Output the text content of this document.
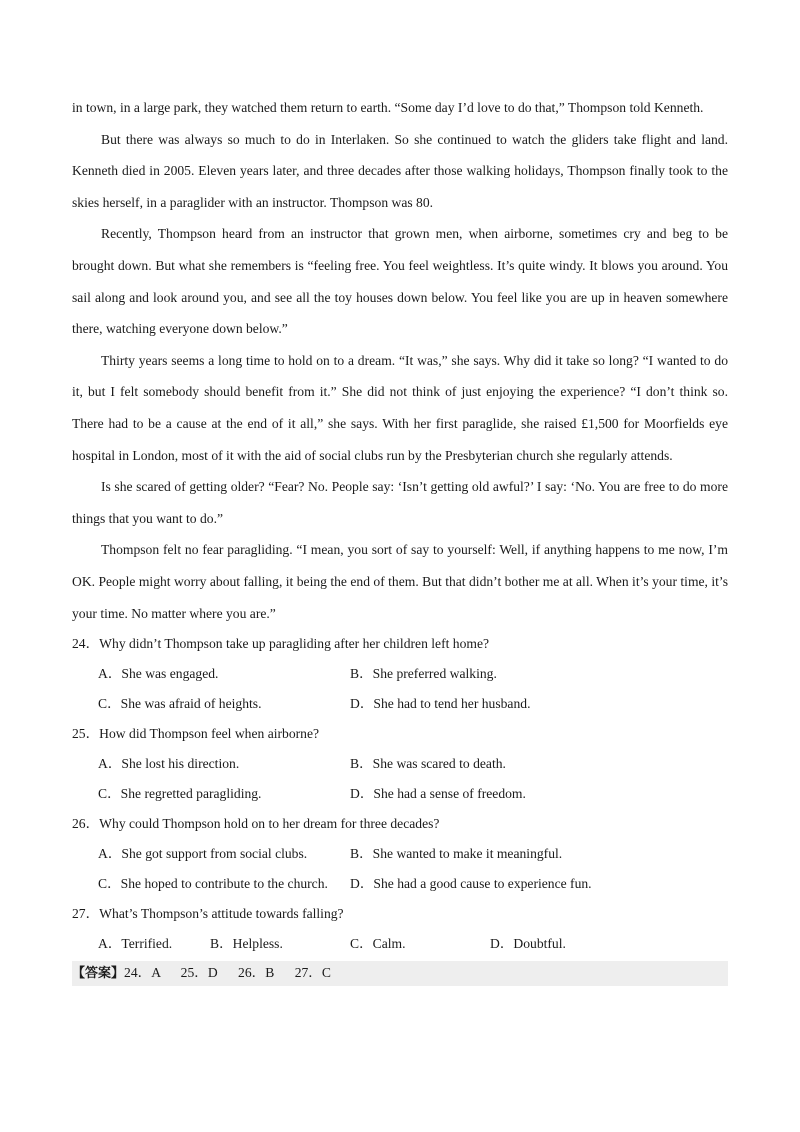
in town, in a large park, they watched them return to earth. “Some day I’d love to do that,” Thompson told Kenneth.

But there was always so much to do in Interlaken. So she continued to watch the gliders take flight and land. Kenneth died in 2005. Eleven years later, and three decades after those walking holidays, Thompson finally took to the skies herself, in a paraglider with an instructor. Thompson was 80.

Recently, Thompson heard from an instructor that grown men, when airborne, sometimes cry and beg to be brought down. But what she remembers is “feeling free. You feel weightless. It’s quite windy. It blows you around. You sail along and look around you, and see all the toy houses down below. You feel like you are up in heaven somewhere there, watching everyone down below.”

Thirty years seems a long time to hold on to a dream. “It was,” she says. Why did it take so long? “I wanted to do it, but I felt somebody should benefit from it.” She did not think of just enjoying the experience? “I don’t think so. There had to be a cause at the end of it all,” she says. With her first paraglide, she raised £1,500 for Moorfields eye hospital in London, most of it with the aid of social clubs run by the Presbyterian church she regularly attends.

Is she scared of getting older? “Fear? No. People say: ‘Isn’t getting old awful?’ I say: ‘No. You are free to do more things that you want to do.”

Thompson felt no fear paragliding. “I mean, you sort of say to yourself: Well, if anything happens to me now, I’m OK. People might worry about falling, it being the end of them. But that didn’t bother me at all. When it’s your time, it’s your time. No matter where you are.”

24．Why didn’t Thompson take up paragliding after her children left home?

A．She was engaged.	B．She preferred walking.
C．She was afraid of heights.	D．She had to tend her husband.

25．How did Thompson feel when airborne?

A．She lost his direction.	B．She was scared to death.
C．She regretted paragliding.	D．She had a sense of freedom.

26．Why could Thompson hold on to her dream for three decades?

A．She got support from social clubs.	B．She wanted to make it meaningful.
C．She hoped to contribute to the church.	D．She had a good cause to experience fun.

27．What’s Thompson’s attitude towards falling?

A．Terrified.	B．Helpless.	C．Calm.	D．Doubtful.
【答案】24．A      25．D      26．B      27．C
